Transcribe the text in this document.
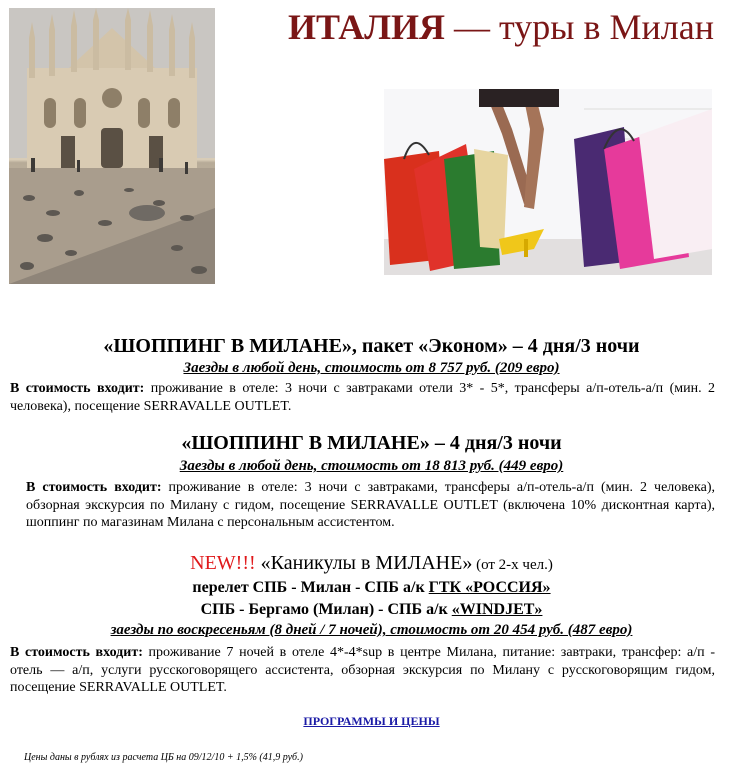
ИТАЛИЯ — туры в Милан
«ШОППИНГ В МИЛАНЕ», пакет «Эконом» – 4 дня/3 ночи
Заезды в любой день, стоимость от 8 757 руб. (209 евро)
В стоимость входит: проживание в отеле: 3 ночи с завтраками отели 3* - 5*, трансферы а/п-отель-а/п (мин. 2 человека), посещение SERRAVALLE OUTLET.
«ШОППИНГ В МИЛАНЕ» – 4 дня/3 ночи
Заезды в любой день, стоимость от 18 813 руб. (449 евро)
В стоимость входит: проживание в отеле: 3 ночи с завтраками, трансферы а/п-отель-а/п (мин. 2 человека), обзорная экскурсия по Милану с гидом, посещение SERRAVALLE OUTLET (включена 10% дисконтная карта), шоппинг по магазинам Милана с персональным ассистентом.
NEW!!! «Каникулы в МИЛАНЕ» (от 2-х чел.)
перелет СПБ - Милан - СПБ а/к ГТК «РОССИЯ»
СПБ - Бергамо (Милан) - СПБ а/к «WINDJET»
заезды по воскресеньям (8 дней / 7 ночей), стоимость от 20 454 руб. (487 евро)
В стоимость входит: проживание 7 ночей в отеле 4*-4*sup в центре Милана, питание: завтраки, трансфер: а/п - отель — а/п, услуги русскоговорящего ассистента, обзорная экскурсия по Милану с русскоговорящим гидом, посещение SERRAVALLE OUTLET.
ПРОГРАММЫ И ЦЕНЫ
Цены даны в рублях из расчета ЦБ на 09/12/10 + 1,5% (41,9 руб.)
